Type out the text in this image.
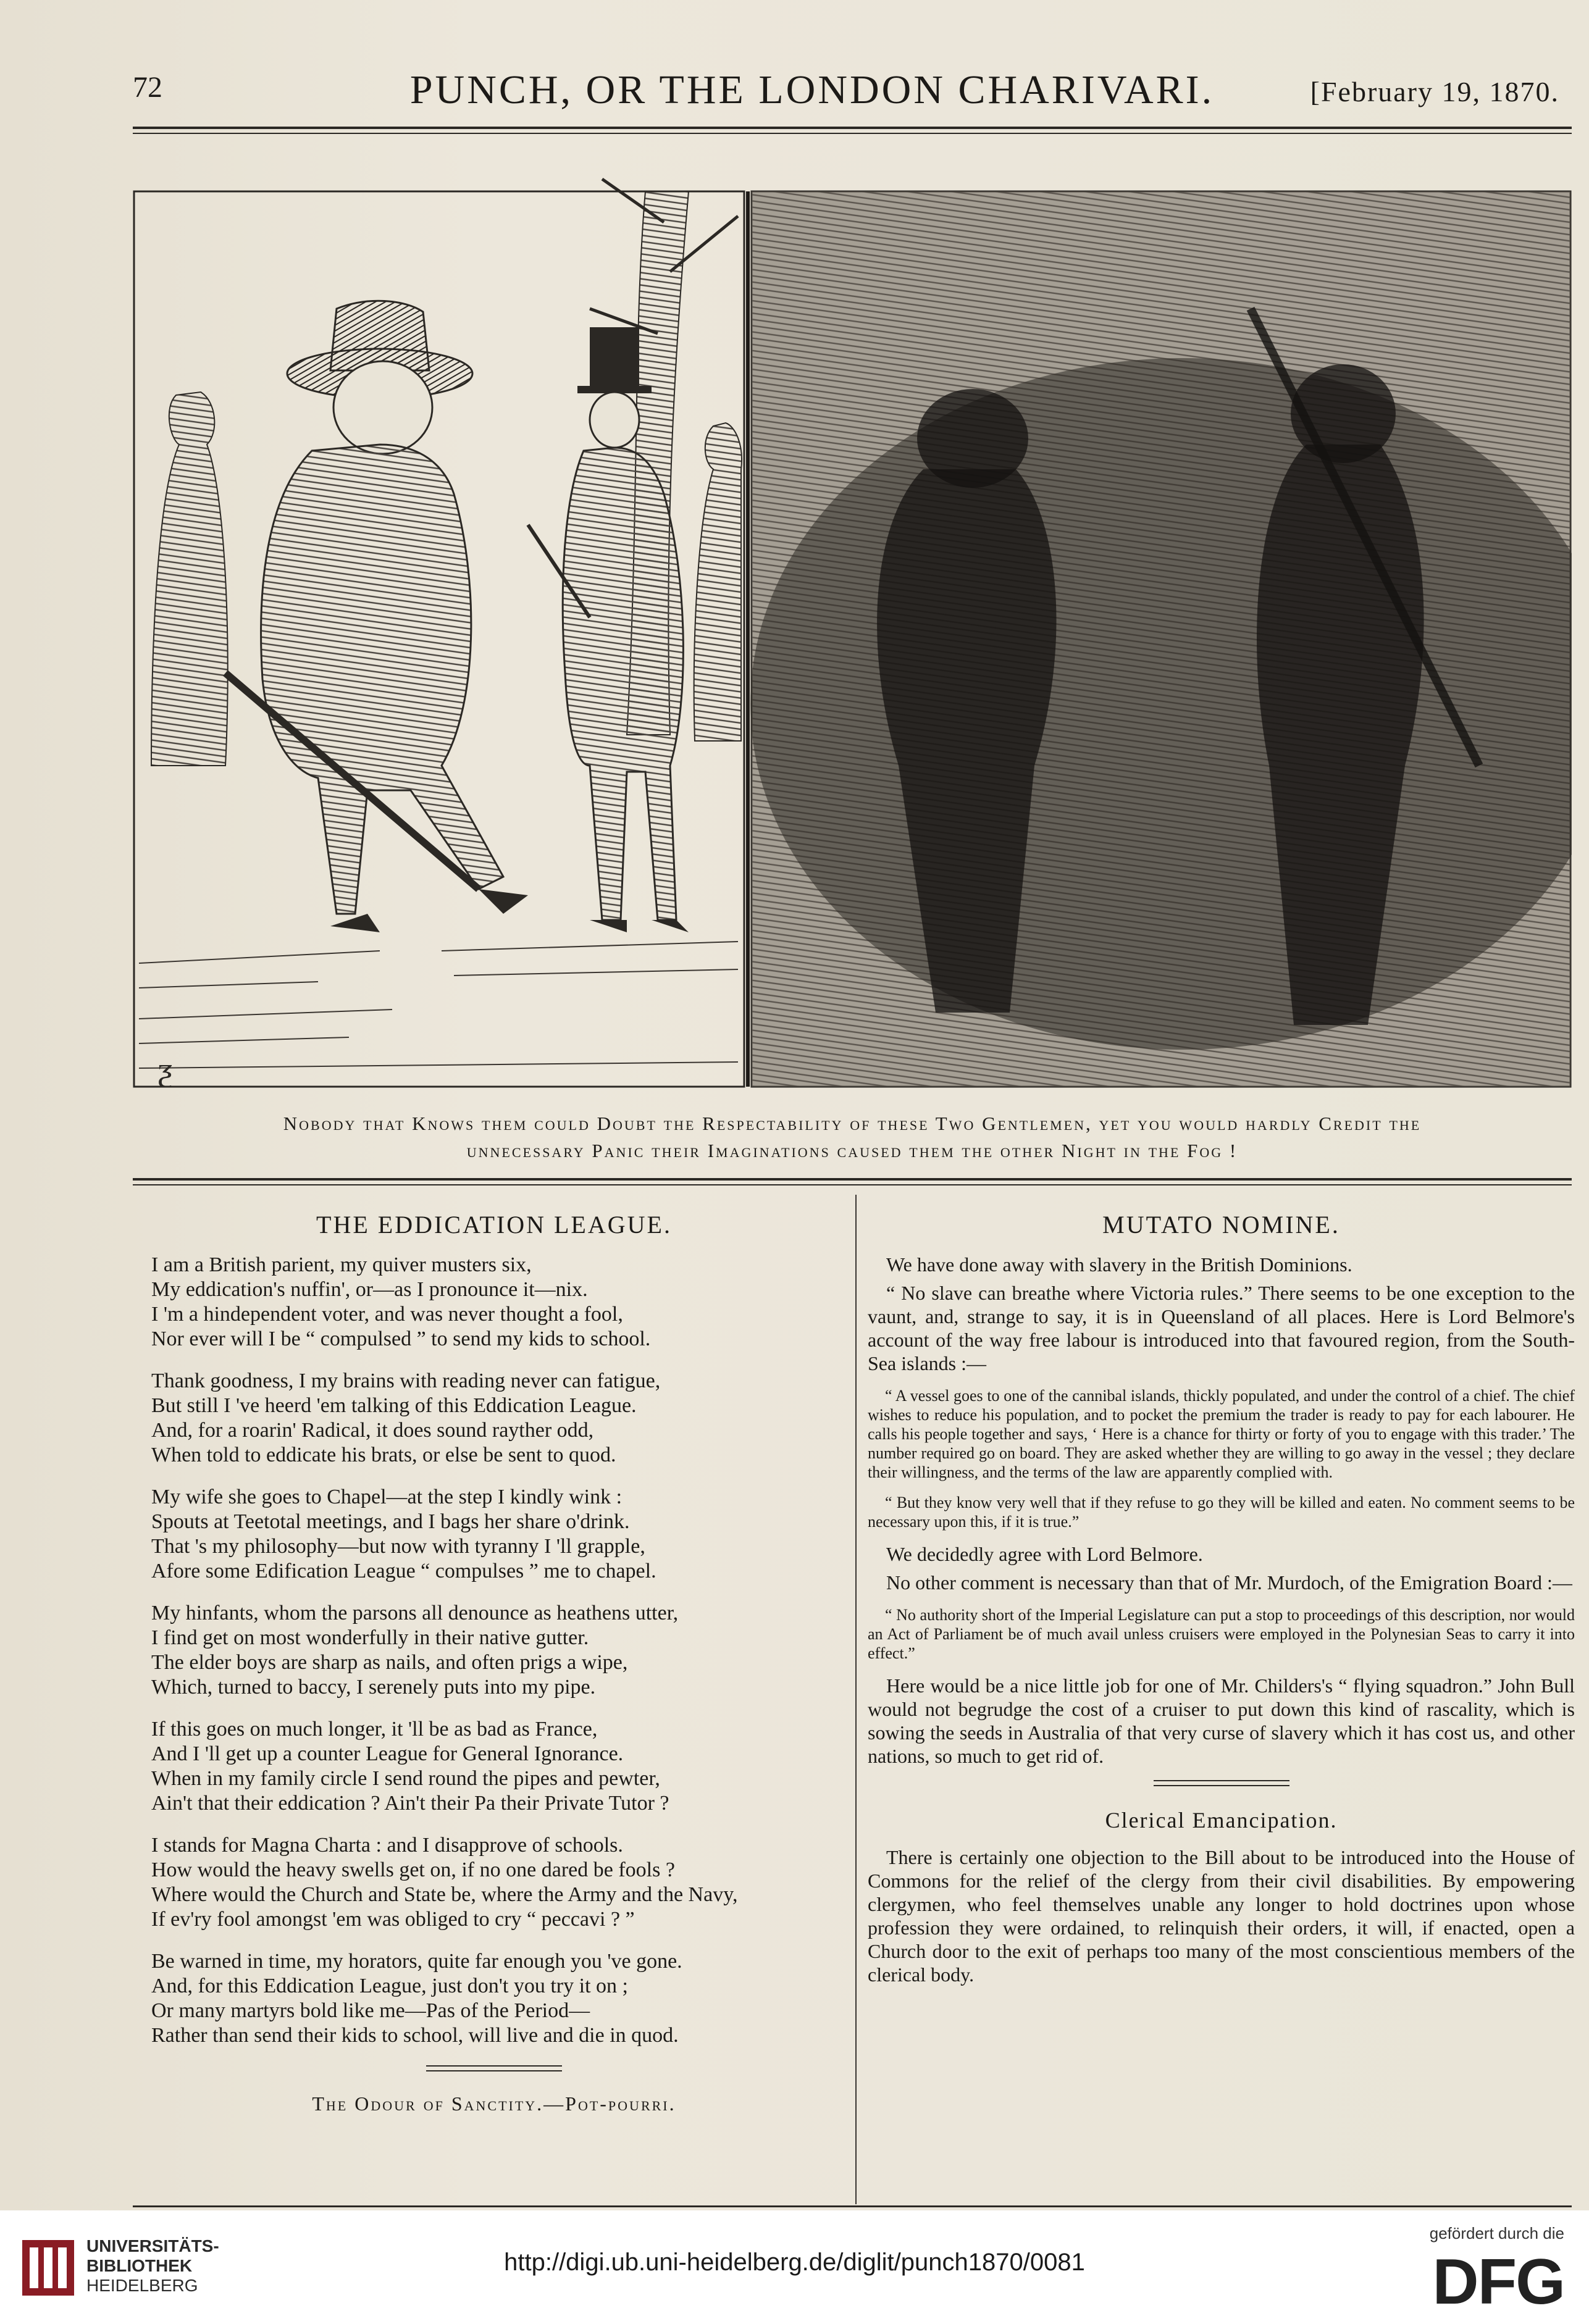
72	PUNCH, OR THE LONDON CHARIVARI.	[February 19, 1870.
ƺ
Nobody that Knows them could Doubt the Respectability of these Two Gentlemen, yet you would hardly Credit the
unnecessary Panic their Imaginations caused them the other Night in the Fog !
THE EDDICATION LEAGUE.
I am a British parient, my quiver musters six,
My eddication's nuffin', or—as I pronounce it—nix.
I 'm a hindependent voter, and was never thought a fool,
Nor ever will I be “ compulsed ” to send my kids to school.
Thank goodness, I my brains with reading never can fatigue,
But still I 've heerd 'em talking of this Eddication League.
And, for a roarin' Radical, it does sound rayther odd,
When told to eddicate his brats, or else be sent to quod.
My wife she goes to Chapel—at the step I kindly wink :
Spouts at Teetotal meetings, and I bags her share o'drink.
That 's my philosophy—but now with tyranny I 'll grapple,
Afore some Edification League “ compulses ” me to chapel.
My hinfants, whom the parsons all denounce as heathens utter,
I find get on most wonderfully in their native gutter.
The elder boys are sharp as nails, and often prigs a wipe,
Which, turned to baccy, I serenely puts into my pipe.
If this goes on much longer, it 'll be as bad as France,
And I 'll get up a counter League for General Ignorance.
When in my family circle I send round the pipes and pewter,
Ain't that their eddication ? Ain't their Pa their Private Tutor ?
I stands for Magna Charta : and I disapprove of schools.
How would the heavy swells get on, if no one dared be fools ?
Where would the Church and State be, where the Army and the Navy,
If ev'ry fool amongst 'em was obliged to cry “ peccavi ? ”
Be warned in time, my horators, quite far enough you 've gone.
And, for this Eddication League, just don't you try it on ;
Or many martyrs bold like me—Pas of the Period—
Rather than send their kids to school, will live and die in quod.
The Odour of Sanctity.—Pot-pourri.
MUTATO NOMINE.

We have done away with slavery in the British Dominions.

“ No slave can breathe where Victoria rules.” There seems to be one exception to the vaunt, and, strange to say, it is in Queensland of all places. Here is Lord Belmore's account of the way free labour is introduced into that favoured region, from the South-Sea islands :—

“ A vessel goes to one of the cannibal islands, thickly populated, and under the control of a chief. The chief wishes to reduce his population, and to pocket the premium the trader is ready to pay for each labourer. He calls his people together and says, ‘ Here is a chance for thirty or forty of you to engage with this trader.’ The number required go on board. They are asked whether they are willing to go away in the vessel ; they declare their willingness, and the terms of the law are apparently complied with.

“ But they know very well that if they refuse to go they will be killed and eaten. No comment seems to be necessary upon this, if it is true.”

We decidedly agree with Lord Belmore.

No other comment is necessary than that of Mr. Murdoch, of the Emigration Board :—

“ No authority short of the Imperial Legislature can put a stop to proceedings of this description, nor would an Act of Parliament be of much avail unless cruisers were employed in the Polynesian Seas to carry it into effect.”

Here would be a nice little job for one of Mr. Childers's “ flying squadron.” John Bull would not begrudge the cost of a cruiser to put down this kind of rascality, which is sowing the seeds in Australia of that very curse of slavery which it has cost us, and other nations, so much to get rid of.

Clerical Emancipation.

There is certainly one objection to the Bill about to be introduced into the House of Commons for the relief of the clergy from their civil disabilities. By empowering clergymen, who feel themselves unable any longer to hold doctrines upon whose profession they were ordained, to relinquish their orders, it will, if enacted, open a Church door to the exit of perhaps too many of the most conscientious members of the clerical body.

UNIVERSITÄTS-
BIBLIOTHEK
HEIDELBERG
http://digi.ub.uni-heidelberg.de/diglit/punch1870/0081
gefördert durch die
DFG
